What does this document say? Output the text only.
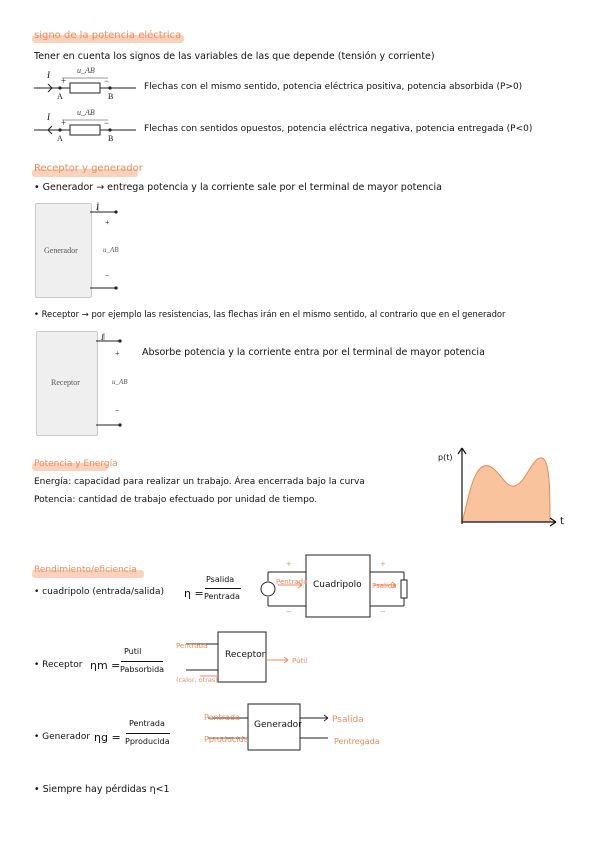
signo de la potencia eléctrica
Tener en cuenta los signos de las variables de las que depende (tensión y corriente)
I
+	−
u_AB
A	B
Flechas con el mismo sentido, potencia eléctrica positiva, potencia absorbida (P>0)
I
+	−
u_AB
A	B
Flechas con sentidos opuestos, potencia eléctrica negativa, potencia entregada (P<0)
Receptor y generador
• Generador → entrega potencia y la corriente sale por el terminal de mayor potencia
Generador
I
+
u_AB
−
• Receptor → por ejemplo las resistencias, las flechas irán en el mismo sentido, al contrario que en el generador
Receptor
I
+
u_AB
−
Absorbe potencia y la corriente entra por el terminal de mayor potencia
Potencia y Energía
Energía: capacidad para realizar un trabajo. Área encerrada bajo la curva
Potencia: cantidad de trabajo efectuado por unidad de tiempo.
p(t)
t
Rendimiento/eficiencia
• cuadripolo (entrada/salida) η =
Psalida
Pentrada
Cuadripolo
Pentrada	Psalida
+
−
+
−
• Receptor ηm =
Putil
Pabsorbida
Receptor
Pentrada
Pútil
(calor, otras)
• Generador ηg =
Pentrada
Pproducida
Generador
Pentrada
Pproducida
Psalida
Pentregada
• Siempre hay pérdidas η<1
